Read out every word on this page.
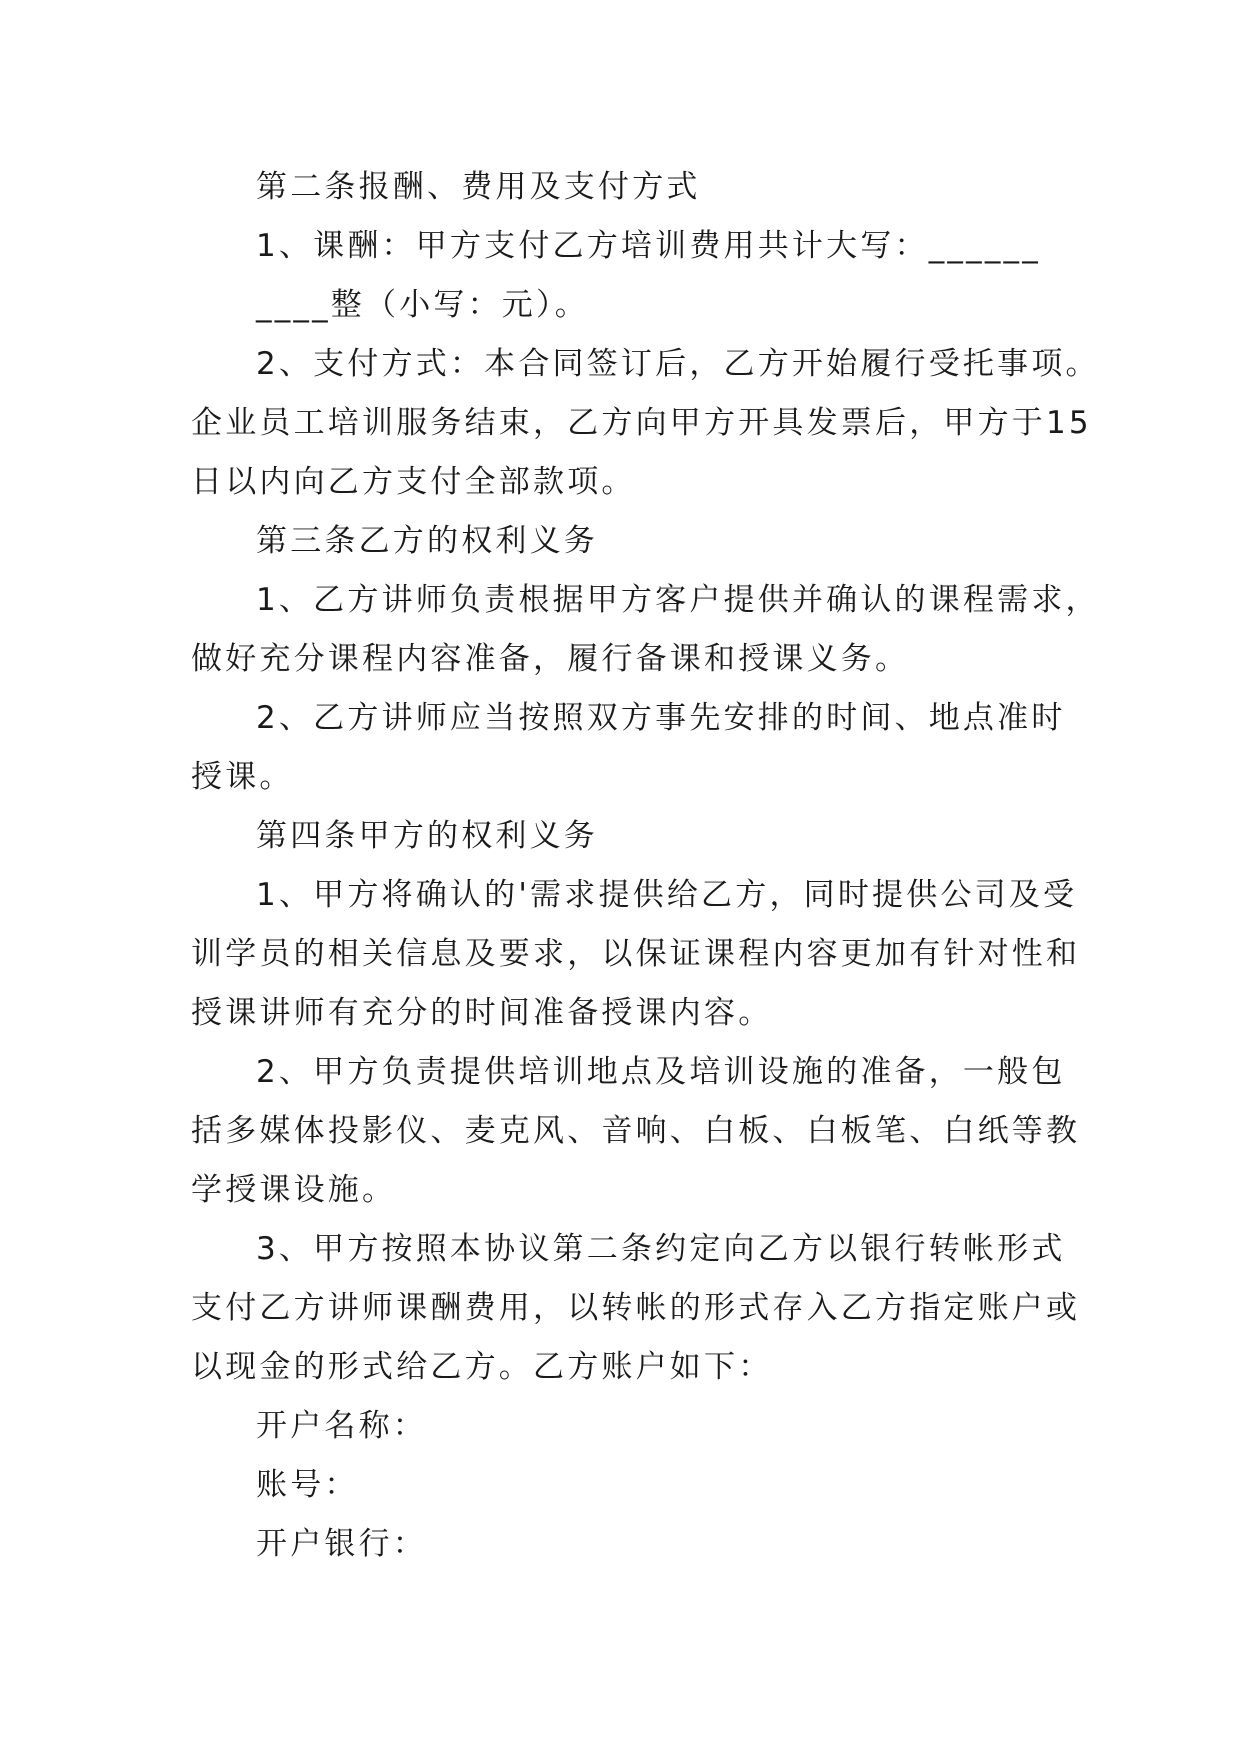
第二条报酬、费用及支付方式
1、课酬：甲方支付乙方培训费用共计大写：______
____整（小写：元）。
2、支付方式：本合同签订后，乙方开始履行受托事项。
企业员工培训服务结束，乙方向甲方开具发票后，甲方于15
日以内向乙方支付全部款项。
第三条乙方的权利义务
1、乙方讲师负责根据甲方客户提供并确认的课程需求，
做好充分课程内容准备，履行备课和授课义务。
2、乙方讲师应当按照双方事先安排的时间、地点准时
授课。
第四条甲方的权利义务
1、甲方将确认的'需求提供给乙方，同时提供公司及受
训学员的相关信息及要求，以保证课程内容更加有针对性和
授课讲师有充分的时间准备授课内容。
2、甲方负责提供培训地点及培训设施的准备，一般包
括多媒体投影仪、麦克风、音响、白板、白板笔、白纸等教
学授课设施。
3、甲方按照本协议第二条约定向乙方以银行转帐形式
支付乙方讲师课酬费用，以转帐的形式存入乙方指定账户或
以现金的形式给乙方。乙方账户如下：
开户名称：
账号：
开户银行：
